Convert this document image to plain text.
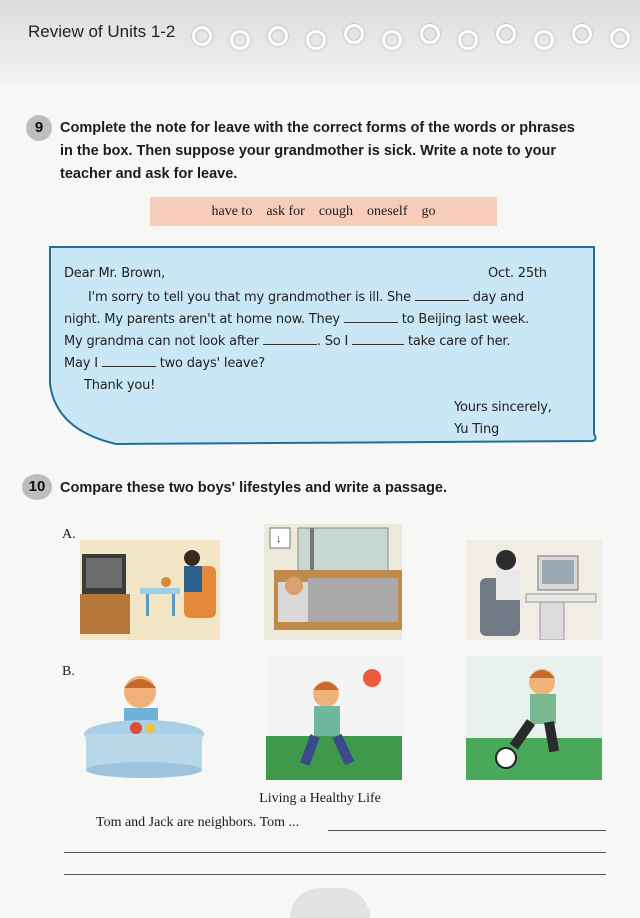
Review of Units 1-2
9	Complete the note for leave with the correct forms of the words or phrases
in the box. Then suppose your grandmother is sick. Write a note to your
teacher and ask for leave.
have to ask for cough oneself go
Dear Mr. Brown,	Oct. 25th
I'm sorry to tell you that my grandmother is ill. She	day and
night. My parents aren't at home now. They	to Beijing last week.
My grandma can not look after	. So I	take care of her.
May I	two days' leave?
Thank you!
Yours sincerely,
Yu Ting
10	Compare these two boys' lifestyles and write a passage.
A.
B.
↓
Living a Healthy Life
Tom and Jack are neighbors. Tom ...
